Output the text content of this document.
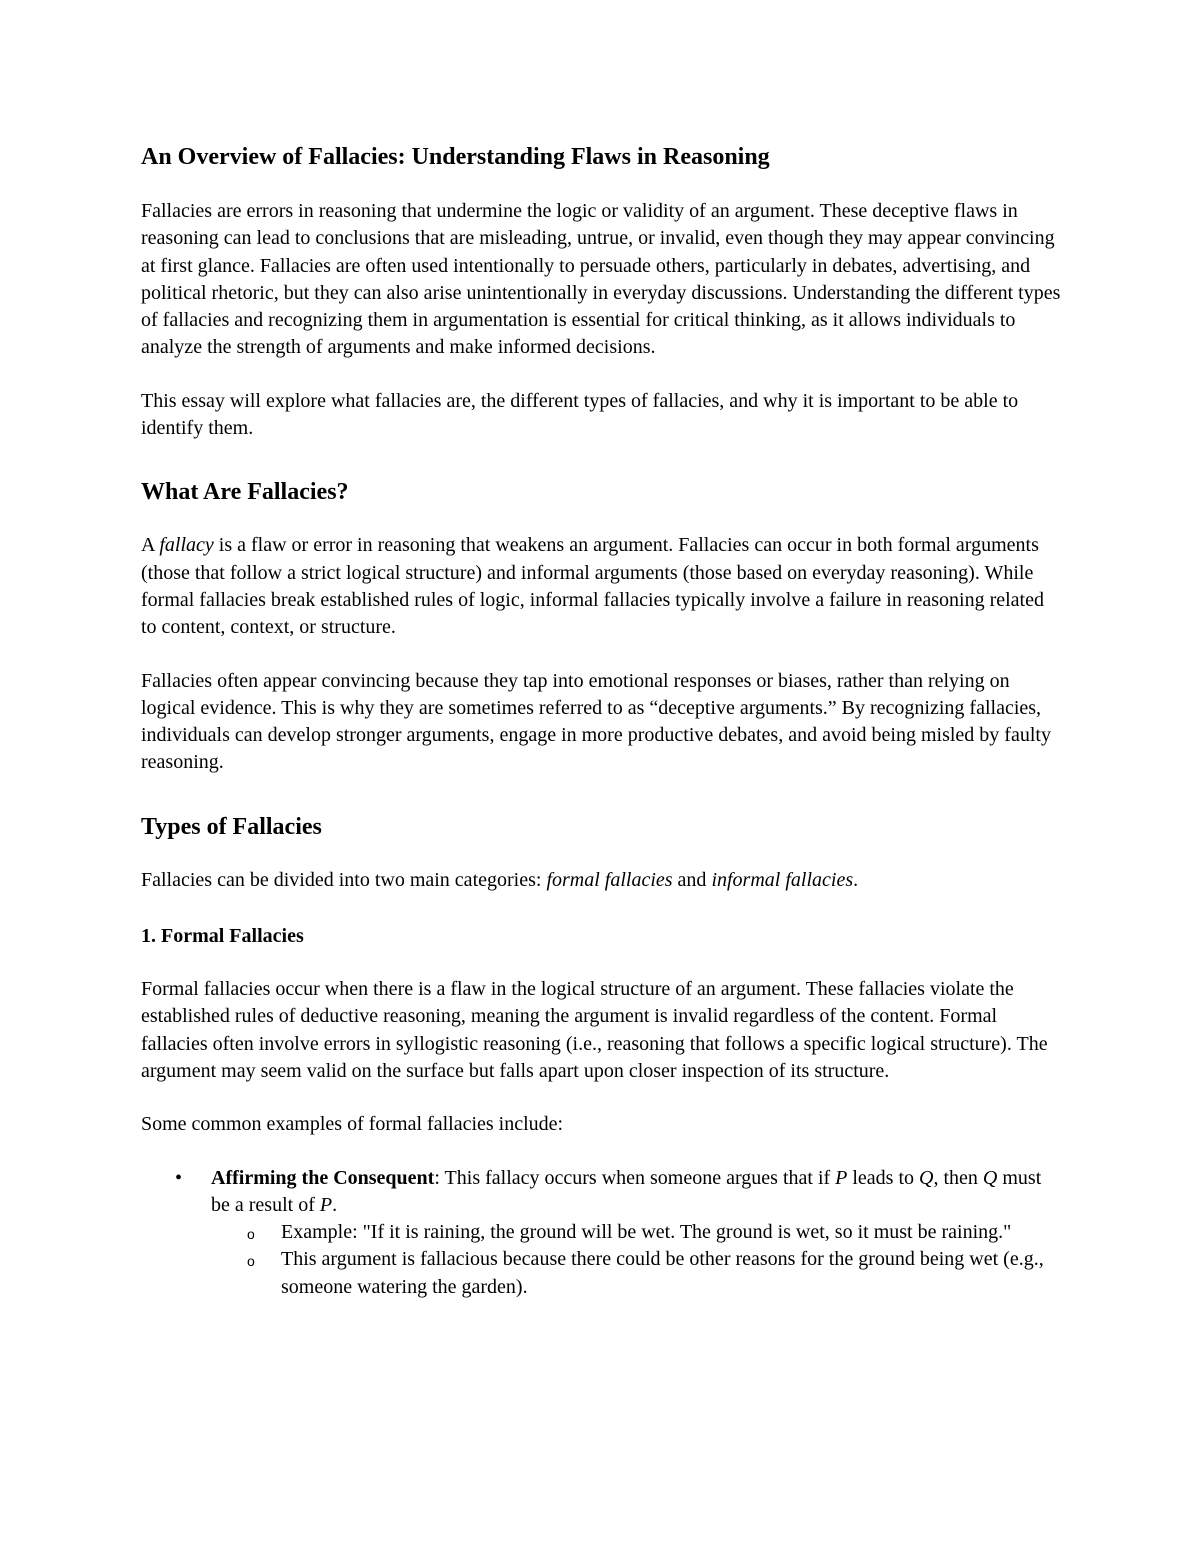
An Overview of Fallacies: Understanding Flaws in Reasoning

Fallacies are errors in reasoning that undermine the logic or validity of an argument. These deceptive flaws in reasoning can lead to conclusions that are misleading, untrue, or invalid, even though they may appear convincing at first glance. Fallacies are often used intentionally to persuade others, particularly in debates, advertising, and political rhetoric, but they can also arise unintentionally in everyday discussions. Understanding the different types of fallacies and recognizing them in argumentation is essential for critical thinking, as it allows individuals to analyze the strength of arguments and make informed decisions.

This essay will explore what fallacies are, the different types of fallacies, and why it is important to be able to identify them.

What Are Fallacies?

A fallacy is a flaw or error in reasoning that weakens an argument. Fallacies can occur in both formal arguments (those that follow a strict logical structure) and informal arguments (those based on everyday reasoning). While formal fallacies break established rules of logic, informal fallacies typically involve a failure in reasoning related to content, context, or structure.

Fallacies often appear convincing because they tap into emotional responses or biases, rather than relying on logical evidence. This is why they are sometimes referred to as “deceptive arguments.” By recognizing fallacies, individuals can develop stronger arguments, engage in more productive debates, and avoid being misled by faulty reasoning.

Types of Fallacies

Fallacies can be divided into two main categories: formal fallacies and informal fallacies.

1. Formal Fallacies

Formal fallacies occur when there is a flaw in the logical structure of an argument. These fallacies violate the established rules of deductive reasoning, meaning the argument is invalid regardless of the content. Formal fallacies often involve errors in syllogistic reasoning (i.e., reasoning that follows a specific logical structure). The argument may seem valid on the surface but falls apart upon closer inspection of its structure.

Some common examples of formal fallacies include:

• Affirming the Consequent: This fallacy occurs when someone argues that if P leads to Q, then Q must be a result of P.
o Example: "If it is raining, the ground will be wet. The ground is wet, so it must be raining."
o This argument is fallacious because there could be other reasons for the ground being wet (e.g., someone watering the garden).
